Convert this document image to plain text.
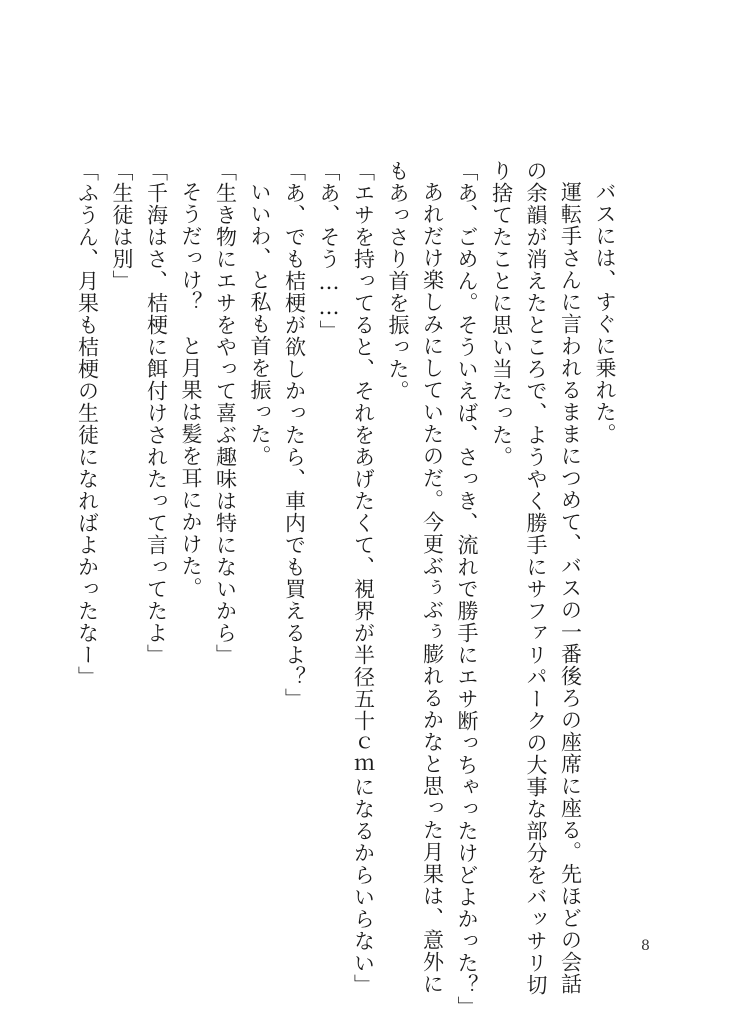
バスには、すぐに乗れた。
運転手さんに言われるままにつめて、バスの一番後ろの座席に座る。先ほどの会話
の余韻が消えたところで、ようやく勝手にサファリパークの大事な部分をバッサリ切
り捨てたことに思い当たった。
「あ、ごめん。そういえば、さっき、流れで勝手にエサ断っちゃったけどよかった？」
あれだけ楽しみにしていたのだ。今更ぶぅぶぅ膨れるかなと思った月果は、意外に
もあっさり首を振った。
「エサを持ってると、それをあげたくて、視界が半径五十ｃｍになるからいらない」
「あ、そう……」
「あ、でも桔梗が欲しかったら、車内でも買えるよ？」
いいわ、と私も首を振った。
「生き物にエサをやって喜ぶ趣味は特にないから」
そうだっけ？　と月果は髪を耳にかけた。
「千海はさ、桔梗に餌付けされたって言ってたよ」
「生徒は別」
「ふうん、月果も桔梗の生徒になればよかったなー」
8
